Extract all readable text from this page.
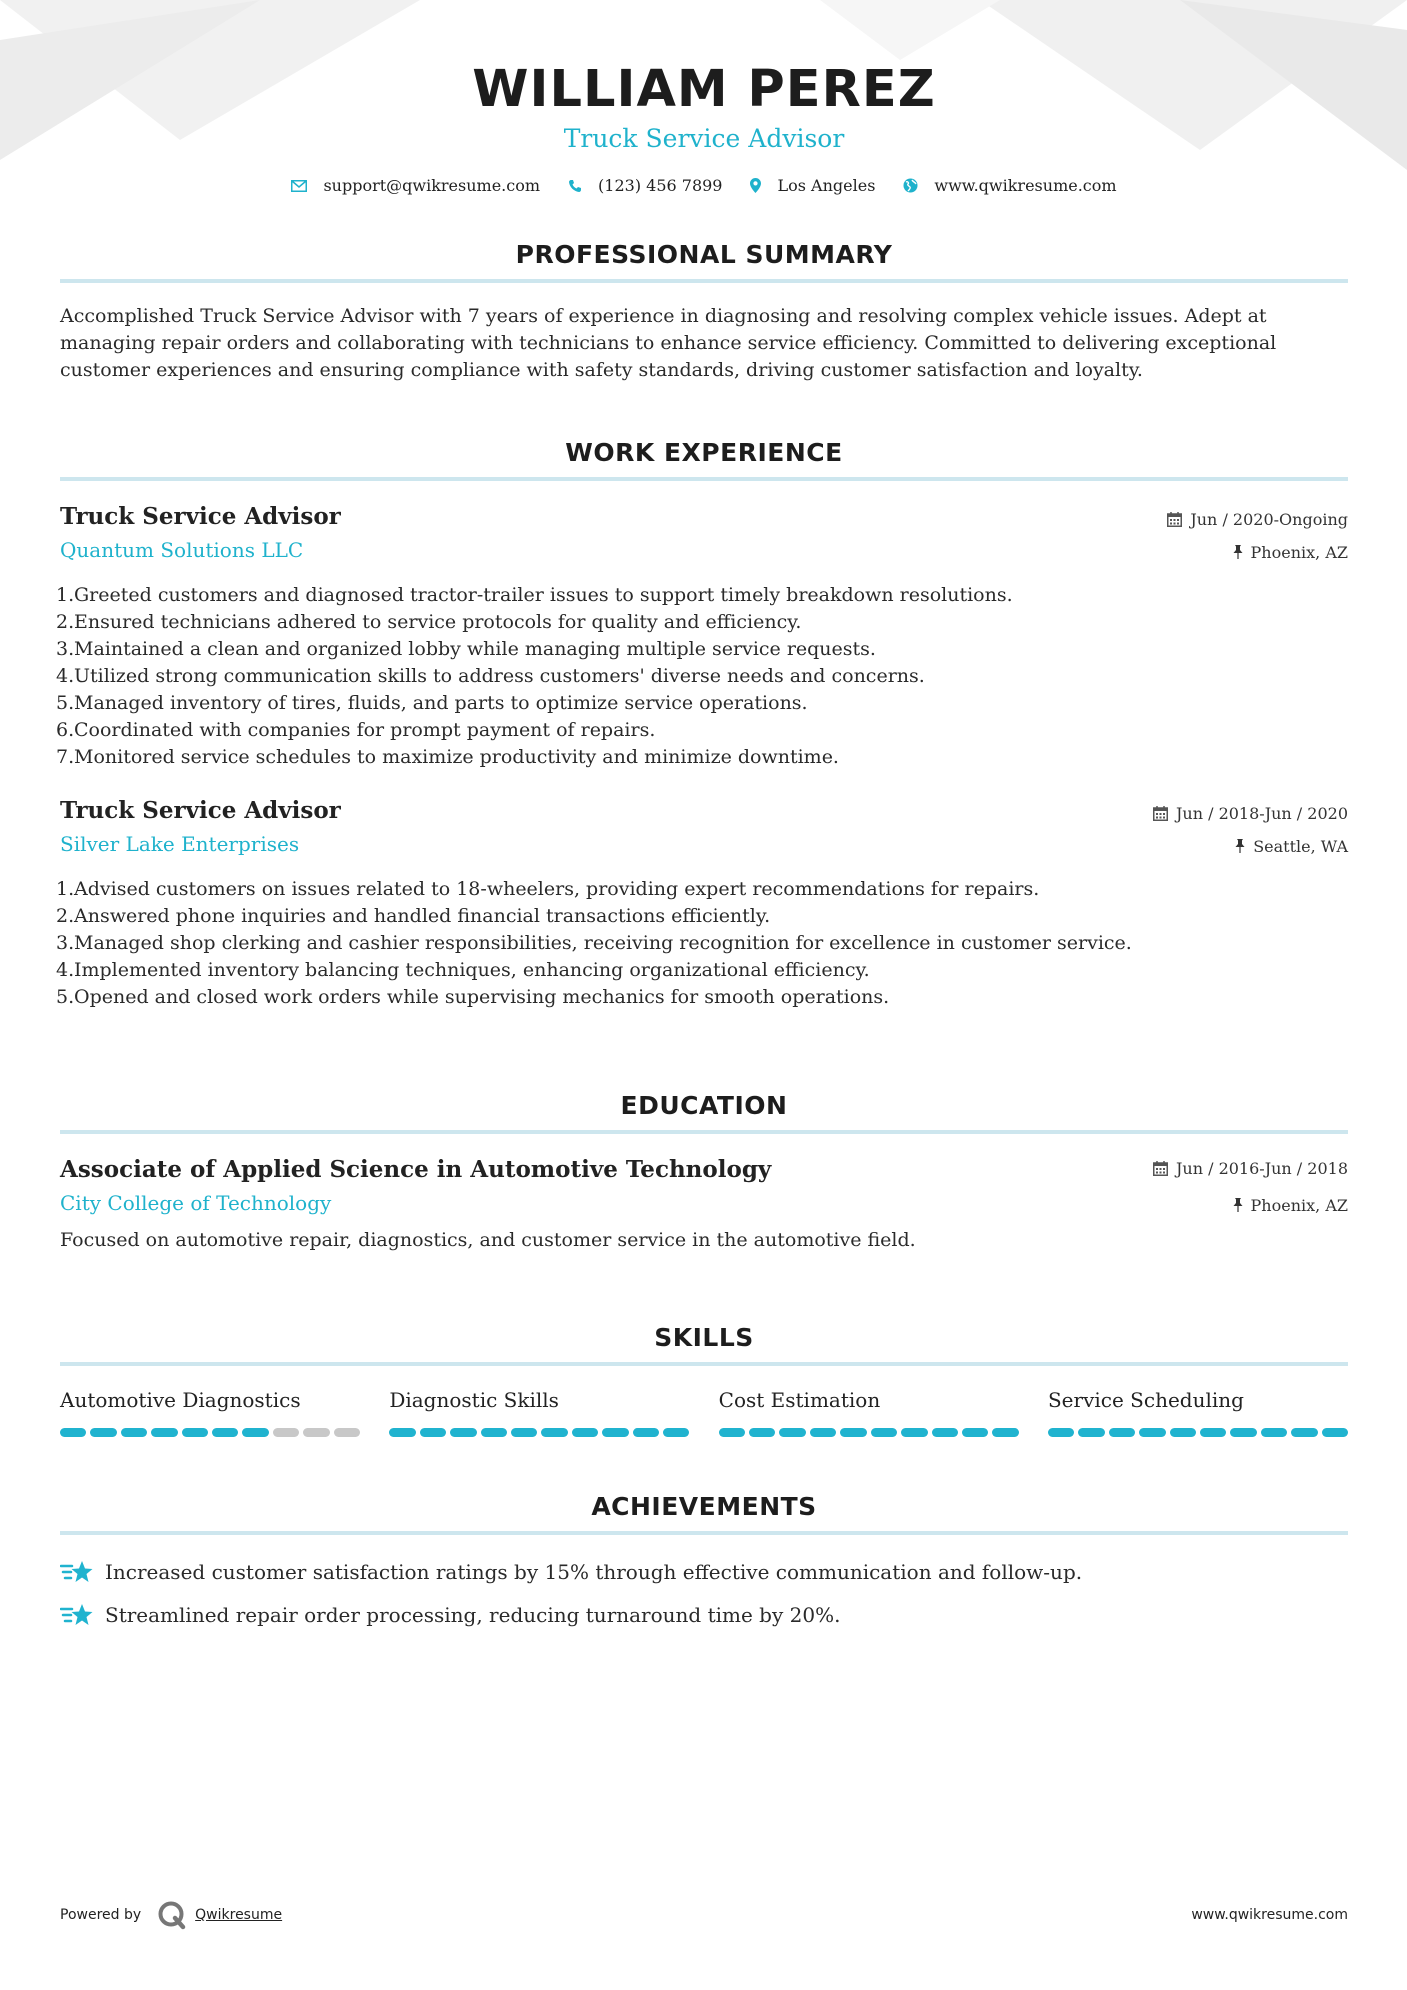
WILLIAM PEREZ
Truck Service Advisor
support@qwikresume.com	(123) 456 7899	Los Angeles	www.qwikresume.com
PROFESSIONAL SUMMARY
Accomplished Truck Service Advisor with 7 years of experience in diagnosing and resolving complex vehicle issues. Adept at managing repair orders and collaborating with technicians to enhance service efficiency. Committed to delivering exceptional customer experiences and ensuring compliance with safety standards, driving customer satisfaction and loyalty.
WORK EXPERIENCE
Truck Service Advisor
Quantum Solutions LLC
Jun / 2020-Ongoing
Phoenix, AZ
1. Greeted customers and diagnosed tractor-trailer issues to support timely breakdown resolutions.
2. Ensured technicians adhered to service protocols for quality and efficiency.
3. Maintained a clean and organized lobby while managing multiple service requests.
4. Utilized strong communication skills to address customers' diverse needs and concerns.
5. Managed inventory of tires, fluids, and parts to optimize service operations.
6. Coordinated with companies for prompt payment of repairs.
7. Monitored service schedules to maximize productivity and minimize downtime.
Truck Service Advisor
Silver Lake Enterprises
Jun / 2018-Jun / 2020
Seattle, WA
1. Advised customers on issues related to 18-wheelers, providing expert recommendations for repairs.
2. Answered phone inquiries and handled financial transactions efficiently.
3. Managed shop clerking and cashier responsibilities, receiving recognition for excellence in customer service.
4. Implemented inventory balancing techniques, enhancing organizational efficiency.
5. Opened and closed work orders while supervising mechanics for smooth operations.
EDUCATION
Associate of Applied Science in Automotive Technology
City College of Technology
Jun / 2016-Jun / 2018
Phoenix, AZ
Focused on automotive repair, diagnostics, and customer service in the automotive field.
SKILLS
Automotive Diagnostics	Diagnostic Skills	Cost Estimation	Service Scheduling
ACHIEVEMENTS
Increased customer satisfaction ratings by 15% through effective communication and follow-up.
Streamlined repair order processing, reducing turnaround time by 20%.
Powered by	Qwikresume	www.qwikresume.com
